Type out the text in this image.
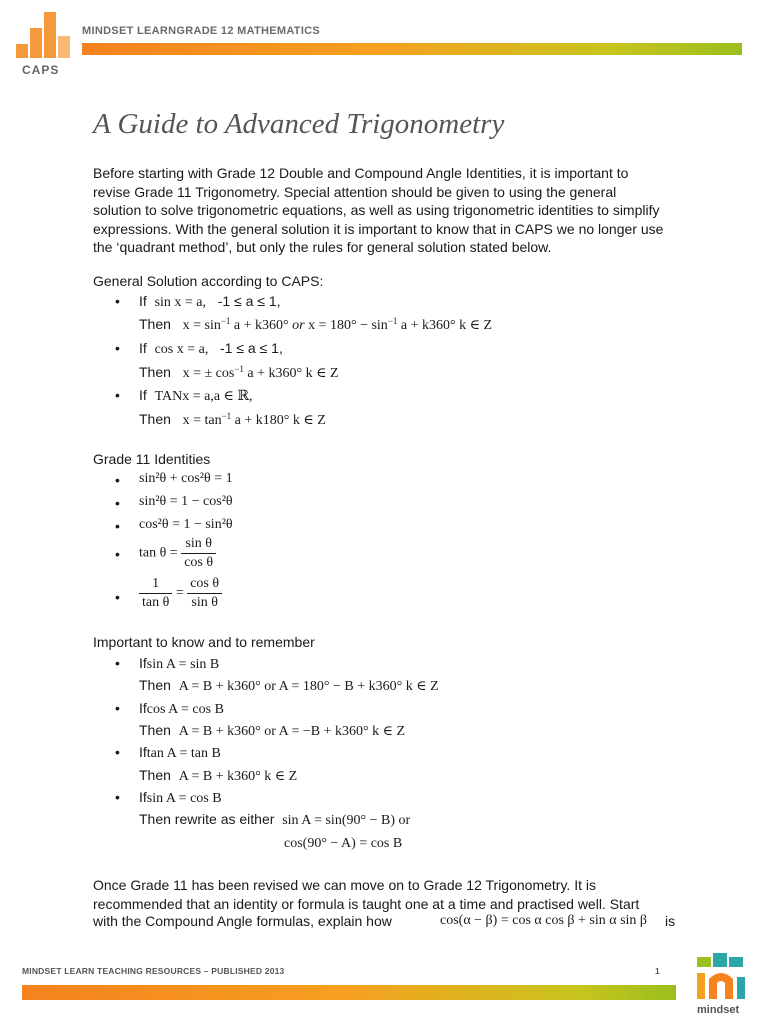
CAPS
MINDSET LEARNGRADE 12 MATHEMATICS
A Guide to Advanced Trigonometry
Before starting with Grade 12 Double and Compound Angle Identities, it is important to
revise Grade 11 Trigonometry. Special attention should be given to using the general
solution to solve trigonometric equations, as well as using trigonometric identities to simplify
expressions. With the general solution it is important to know that in CAPS we no longer use
the ‘quadrant method’, but only the rules for general solution stated below.
General Solution according to CAPS:
• If sin x = a, -1 ≤ a ≤ 1,
Then $x = \sin^{-1} a + k360^\circ$ or $x = 180^\circ - \sin^{-1} a + k360^\circ$ k ∈ Z
• If cos x = a, -1 ≤ a ≤ 1,
Then x = ± $\cos^{-1} a + k360^\circ$ k ∈ Z
• If TANx = a,a ∈ ℝ,
Then $x = \tan^{-1} a + k180^\circ$ k ∈ Z
Grade 11 Identities
• sin²θ + cos²θ = 1
• sin²θ = 1 − cos²θ
• cos²θ = 1 − sin²θ
• $\tan \theta = \frac{\text{sin θ}}{\text{cos θ}}$
• $\frac{1}{\text{tan θ}} = \frac{\text{cos θ}}{\text{sin θ}}$
Important to know and to remember
• Ifsin A = sin B
Then A = B + k360° or A = 180° − B + k360° k ∈ Z
• Ifcos A = cos B
Then A = B + k360° or A = −B + k360° k ∈ Z
• Iftan A = tan B
Then A = B + k360° k ∈ Z
• Ifsin A = cos B
Then rewrite as either sin A = sin(90° − B) or
cos(90° − A) = cos B
Once Grade 11 has been revised we can move on to Grade 12 Trigonometry. It is
recommended that an identity or formula is taught one at a time and practised well. Start
with the Compound Angle formulas, explain how	cos(α − β) = cos α cos β + sin α sin β is
MINDSET LEARN TEACHING RESOURCES – PUBLISHED 2013	1
mindset
